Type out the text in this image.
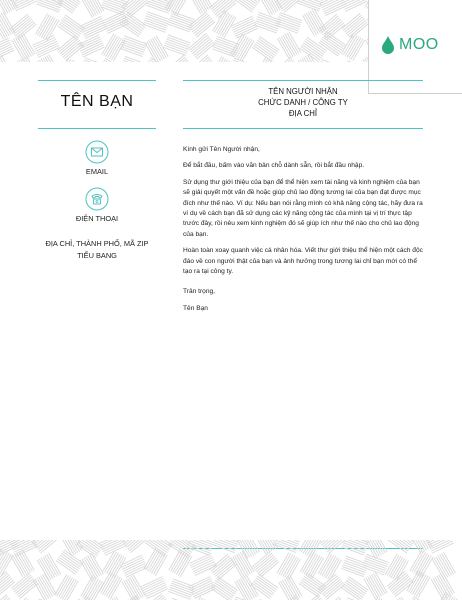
MOO
TÊN BẠN
EMAIL
ĐIỆN THOẠI
ĐỊA CHỈ, THÀNH PHỐ, MÃ ZIP
TIỂU BANG
TÊN NGƯỜI NHẬN
CHỨC DANH / CÔNG TY
ĐỊA CHỈ

Kính gửi Tên Người nhận,

Để bắt đầu, bấm vào văn bản chỗ dành sẵn, rồi bắt đầu nhập.

Sử dụng thư giới thiệu của bạn để thể hiện xem tài năng và kinh nghiệm của bạn sẽ giải quyết một vấn đề hoặc giúp chủ lao động tương lai của bạn đạt được mục đích như thế nào. Ví dụ: Nếu bạn nói rằng mình có khả năng cộng tác, hãy đưa ra ví dụ về cách bạn đã sử dụng các kỹ năng cộng tác của mình tại vị trí thực tập trước đây, rồi nêu xem kinh nghiệm đó sẽ giúp ích như thế nào cho chủ lao động của bạn.

Hoàn toàn xoay quanh việc cá nhân hóa. Viết thư giới thiệu thể hiện một cách độc đáo về con người thật của bạn và ảnh hưởng trong tương lai chỉ bạn mới có thể tạo ra tại công ty.

Trân trọng,

Tên Bạn
